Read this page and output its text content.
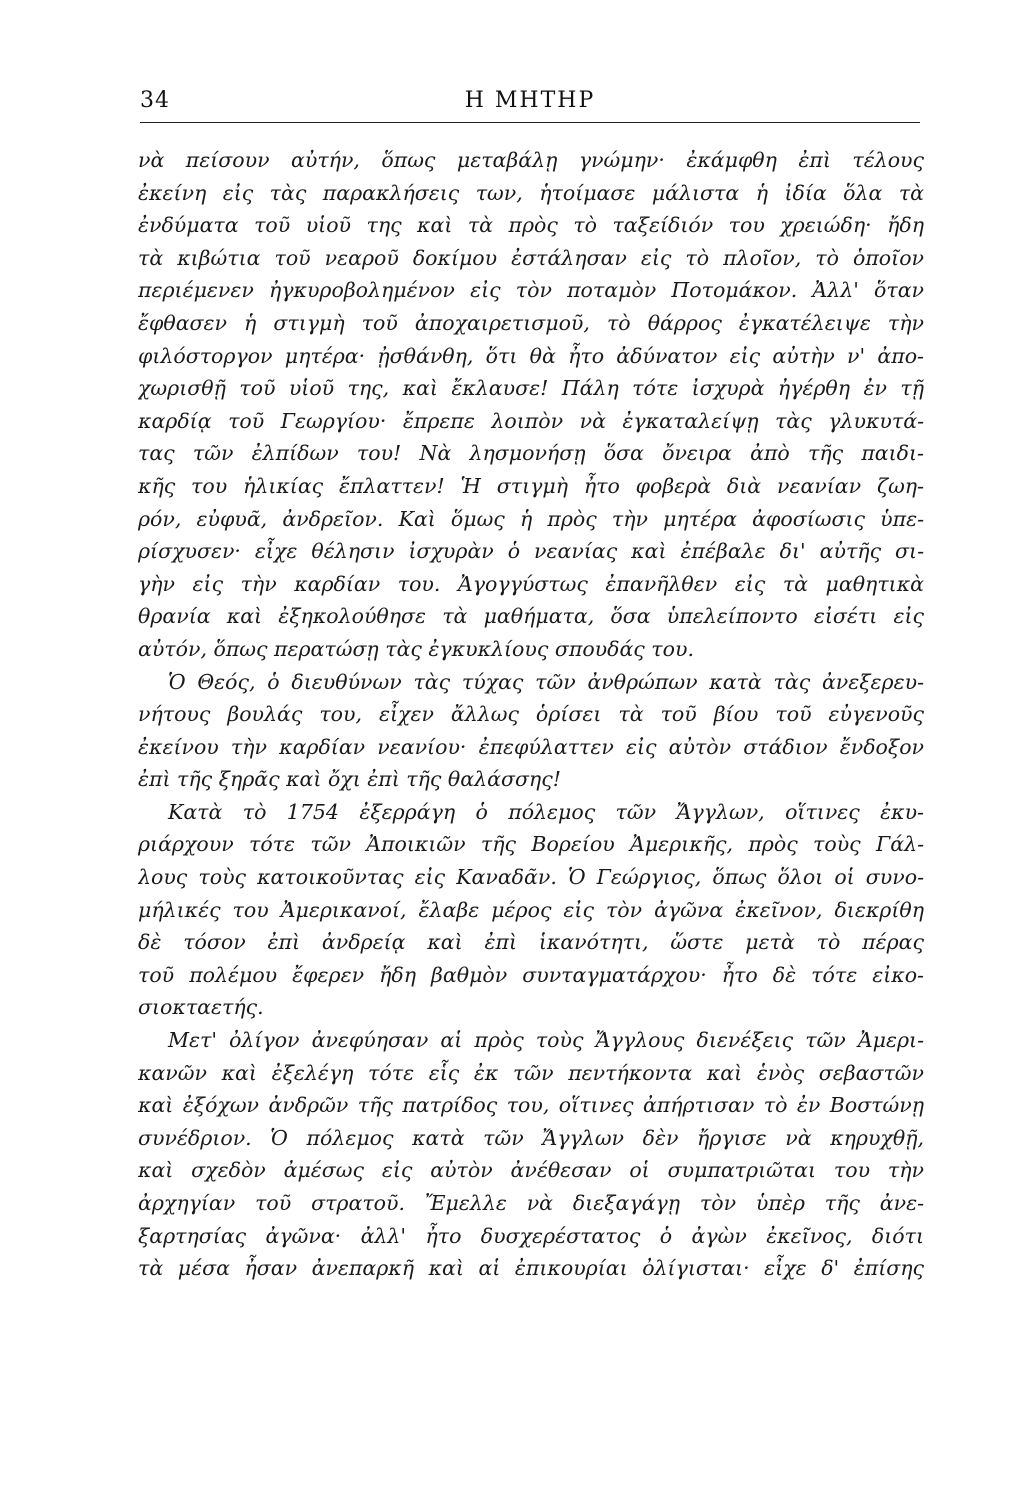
34	Η ΜΗΤΗΡ
νὰ πείσουν αὐτήν, ὅπως μεταβάλῃ γνώμην· ἐκάμφθη ἐπὶ τέλους
ἐκείνη εἰς τὰς παρακλήσεις των, ἡτοίμασε μάλιστα ἡ ἰδία ὅλα τὰ
ἐνδύματα τοῦ υἱοῦ της καὶ τὰ πρὸς τὸ ταξείδιόν του χρειώδη· ἤδη
τὰ κιβώτια τοῦ νεαροῦ δοκίμου ἐστάλησαν εἰς τὸ πλοῖον, τὸ ὁποῖον
περιέμενεν ἠγκυροβολημένον εἰς τὸν ποταμὸν Ποτομάκον. Ἀλλ' ὅταν
ἔφθασεν ἡ στιγμὴ τοῦ ἀποχαιρετισμοῦ, τὸ θάρρος ἐγκατέλειψε τὴν
φιλόστοργον μητέρα· ᾐσθάνθη, ὅτι θὰ ἦτο ἀδύνατον εἰς αὐτὴν ν' ἀπο-
χωρισθῇ τοῦ υἱοῦ της, καὶ ἔκλαυσε! Πάλη τότε ἰσχυρὰ ἠγέρθη ἐν τῇ
καρδίᾳ τοῦ Γεωργίου· ἔπρεπε λοιπὸν νὰ ἐγκαταλείψῃ τὰς γλυκυτά-
τας τῶν ἐλπίδων του! Νὰ λησμονήσῃ ὅσα ὄνειρα ἀπὸ τῆς παιδι-
κῆς του ἡλικίας ἔπλαττεν! Ἡ στιγμὴ ἦτο φοβερὰ διὰ νεανίαν ζωη-
ρόν, εὐφυᾶ, ἀνδρεῖον. Καὶ ὅμως ἡ πρὸς τὴν μητέρα ἀφοσίωσις ὑπε-
ρίσχυσεν· εἶχε θέλησιν ἰσχυρὰν ὁ νεανίας καὶ ἐπέβαλε δι' αὐτῆς σι-
γὴν εἰς τὴν καρδίαν του. Ἀγογγύστως ἐπανῆλθεν εἰς τὰ μαθητικὰ
θρανία καὶ ἐξηκολούθησε τὰ μαθήματα, ὅσα ὑπελείποντο εἰσέτι εἰς
αὐτόν, ὅπως περατώσῃ τὰς ἐγκυκλίους σπουδάς του.
Ὁ Θεός, ὁ διευθύνων τὰς τύχας τῶν ἀνθρώπων κατὰ τὰς ἀνεξερευ-
νήτους βουλάς του, εἶχεν ἄλλως ὁρίσει τὰ τοῦ βίου τοῦ εὐγενοῦς
ἐκείνου τὴν καρδίαν νεανίου· ἐπεφύλαττεν εἰς αὐτὸν στάδιον ἔνδοξον
ἐπὶ τῆς ξηρᾶς καὶ ὄχι ἐπὶ τῆς θαλάσσης!
Κατὰ τὸ 1754 ἐξερράγη ὁ πόλεμος τῶν Ἄγγλων, οἵτινες ἐκυ-
ριάρχουν τότε τῶν Ἀποικιῶν τῆς Βορείου Ἀμερικῆς, πρὸς τοὺς Γάλ-
λους τοὺς κατοικοῦντας εἰς Καναδᾶν. Ὁ Γεώργιος, ὅπως ὅλοι οἱ συνο-
μήλικές του Ἀμερικανοί, ἔλαβε μέρος εἰς τὸν ἀγῶνα ἐκεῖνον, διεκρίθη
δὲ τόσον ἐπὶ ἀνδρείᾳ καὶ ἐπὶ ἱκανότητι, ὥστε μετὰ τὸ πέρας
τοῦ πολέμου ἔφερεν ἤδη βαθμὸν συνταγματάρχου· ἦτο δὲ τότε εἰκο-
σιοκταετής.
Μετ' ὀλίγον ἀνεφύησαν αἱ πρὸς τοὺς Ἄγγλους διενέξεις τῶν Ἀμερι-
κανῶν καὶ ἐξελέγη τότε εἷς ἐκ τῶν πεντήκοντα καὶ ἑνὸς σεβαστῶν
καὶ ἐξόχων ἀνδρῶν τῆς πατρίδος του, οἵτινες ἀπήρτισαν τὸ ἐν Βοστώνῃ
συνέδριον. Ὁ πόλεμος κατὰ τῶν Ἄγγλων δὲν ἤργισε νὰ κηρυχθῇ,
καὶ σχεδὸν ἀμέσως εἰς αὐτὸν ἀνέθεσαν οἱ συμπατριῶται του τὴν
ἀρχηγίαν τοῦ στρατοῦ. Ἔμελλε νὰ διεξαγάγῃ τὸν ὑπὲρ τῆς ἀνε-
ξαρτησίας ἀγῶνα· ἀλλ' ἦτο δυσχερέστατος ὁ ἀγὼν ἐκεῖνος, διότι
τὰ μέσα ἦσαν ἀνεπαρκῆ καὶ αἱ ἐπικουρίαι ὀλίγισται· εἶχε δ' ἐπίσης
